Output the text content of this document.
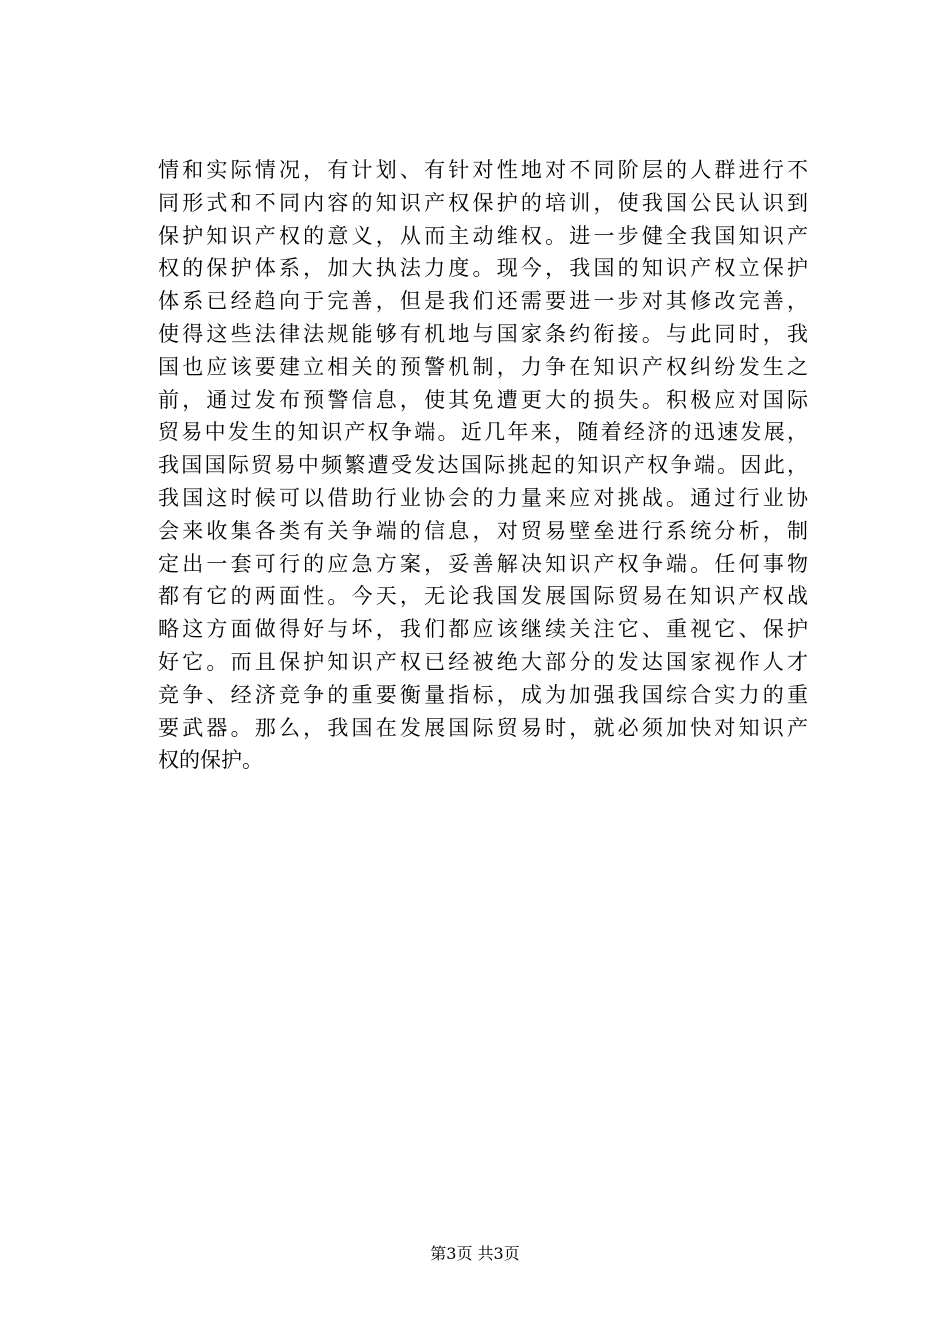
情和实际情况，有计划、有针对性地对不同阶层的人群进行不
同形式和不同内容的知识产权保护的培训，使我国公民认识到
保护知识产权的意义，从而主动维权。进一步健全我国知识产
权的保护体系，加大执法力度。现今，我国的知识产权立保护
体系已经趋向于完善，但是我们还需要进一步对其修改完善，
使得这些法律法规能够有机地与国家条约衔接。与此同时，我
国也应该要建立相关的预警机制，力争在知识产权纠纷发生之
前，通过发布预警信息，使其免遭更大的损失。积极应对国际
贸易中发生的知识产权争端。近几年来，随着经济的迅速发展，
我国国际贸易中频繁遭受发达国际挑起的知识产权争端。因此，
我国这时候可以借助行业协会的力量来应对挑战。通过行业协
会来收集各类有关争端的信息，对贸易壁垒进行系统分析，制
定出一套可行的应急方案，妥善解决知识产权争端。任何事物
都有它的两面性。今天，无论我国发展国际贸易在知识产权战
略这方面做得好与坏，我们都应该继续关注它、重视它、保护
好它。而且保护知识产权已经被绝大部分的发达国家视作人才
竞争、经济竞争的重要衡量指标，成为加强我国综合实力的重
要武器。那么，我国在发展国际贸易时，就必须加快对知识产
权的保护。
第3页 共3页
